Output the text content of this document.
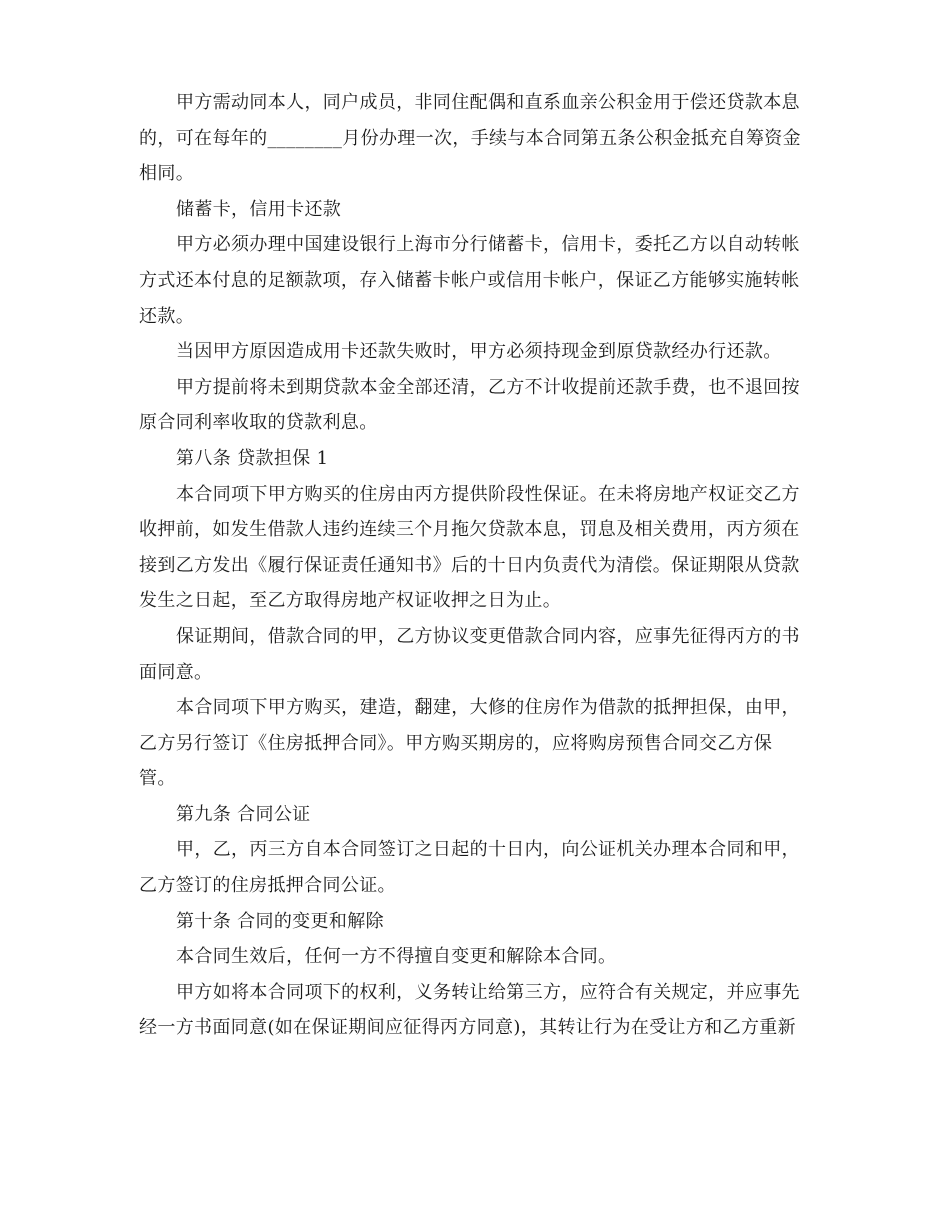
甲方需动同本人，同户成员，非同住配偶和直系血亲公积金用于偿还贷款本息
的，可在每年的________月份办理一次，手续与本合同第五条公积金抵充自筹资金
相同。
储蓄卡，信用卡还款
甲方必须办理中国建设银行上海市分行储蓄卡，信用卡，委托乙方以自动转帐
方式还本付息的足额款项，存入储蓄卡帐户或信用卡帐户，保证乙方能够实施转帐
还款。
当因甲方原因造成用卡还款失败时，甲方必须持现金到原贷款经办行还款。
甲方提前将未到期贷款本金全部还清，乙方不计收提前还款手费，也不退回按
原合同利率收取的贷款利息。
第八条 贷款担保 1
本合同项下甲方购买的住房由丙方提供阶段性保证。在未将房地产权证交乙方
收押前，如发生借款人违约连续三个月拖欠贷款本息，罚息及相关费用，丙方须在
接到乙方发出《履行保证责任通知书》后的十日内负责代为清偿。保证期限从贷款
发生之日起，至乙方取得房地产权证收押之日为止。
保证期间，借款合同的甲，乙方协议变更借款合同内容，应事先征得丙方的书
面同意。
本合同项下甲方购买，建造，翻建，大修的住房作为借款的抵押担保，由甲，
乙方另行签订《住房抵押合同》。甲方购买期房的，应将购房预售合同交乙方保
管。
第九条 合同公证
甲，乙，丙三方自本合同签订之日起的十日内，向公证机关办理本合同和甲，
乙方签订的住房抵押合同公证。
第十条 合同的变更和解除
本合同生效后，任何一方不得擅自变更和解除本合同。
甲方如将本合同项下的权利，义务转让给第三方，应符合有关规定，并应事先
经一方书面同意(如在保证期间应征得丙方同意)，其转让行为在受让方和乙方重新
